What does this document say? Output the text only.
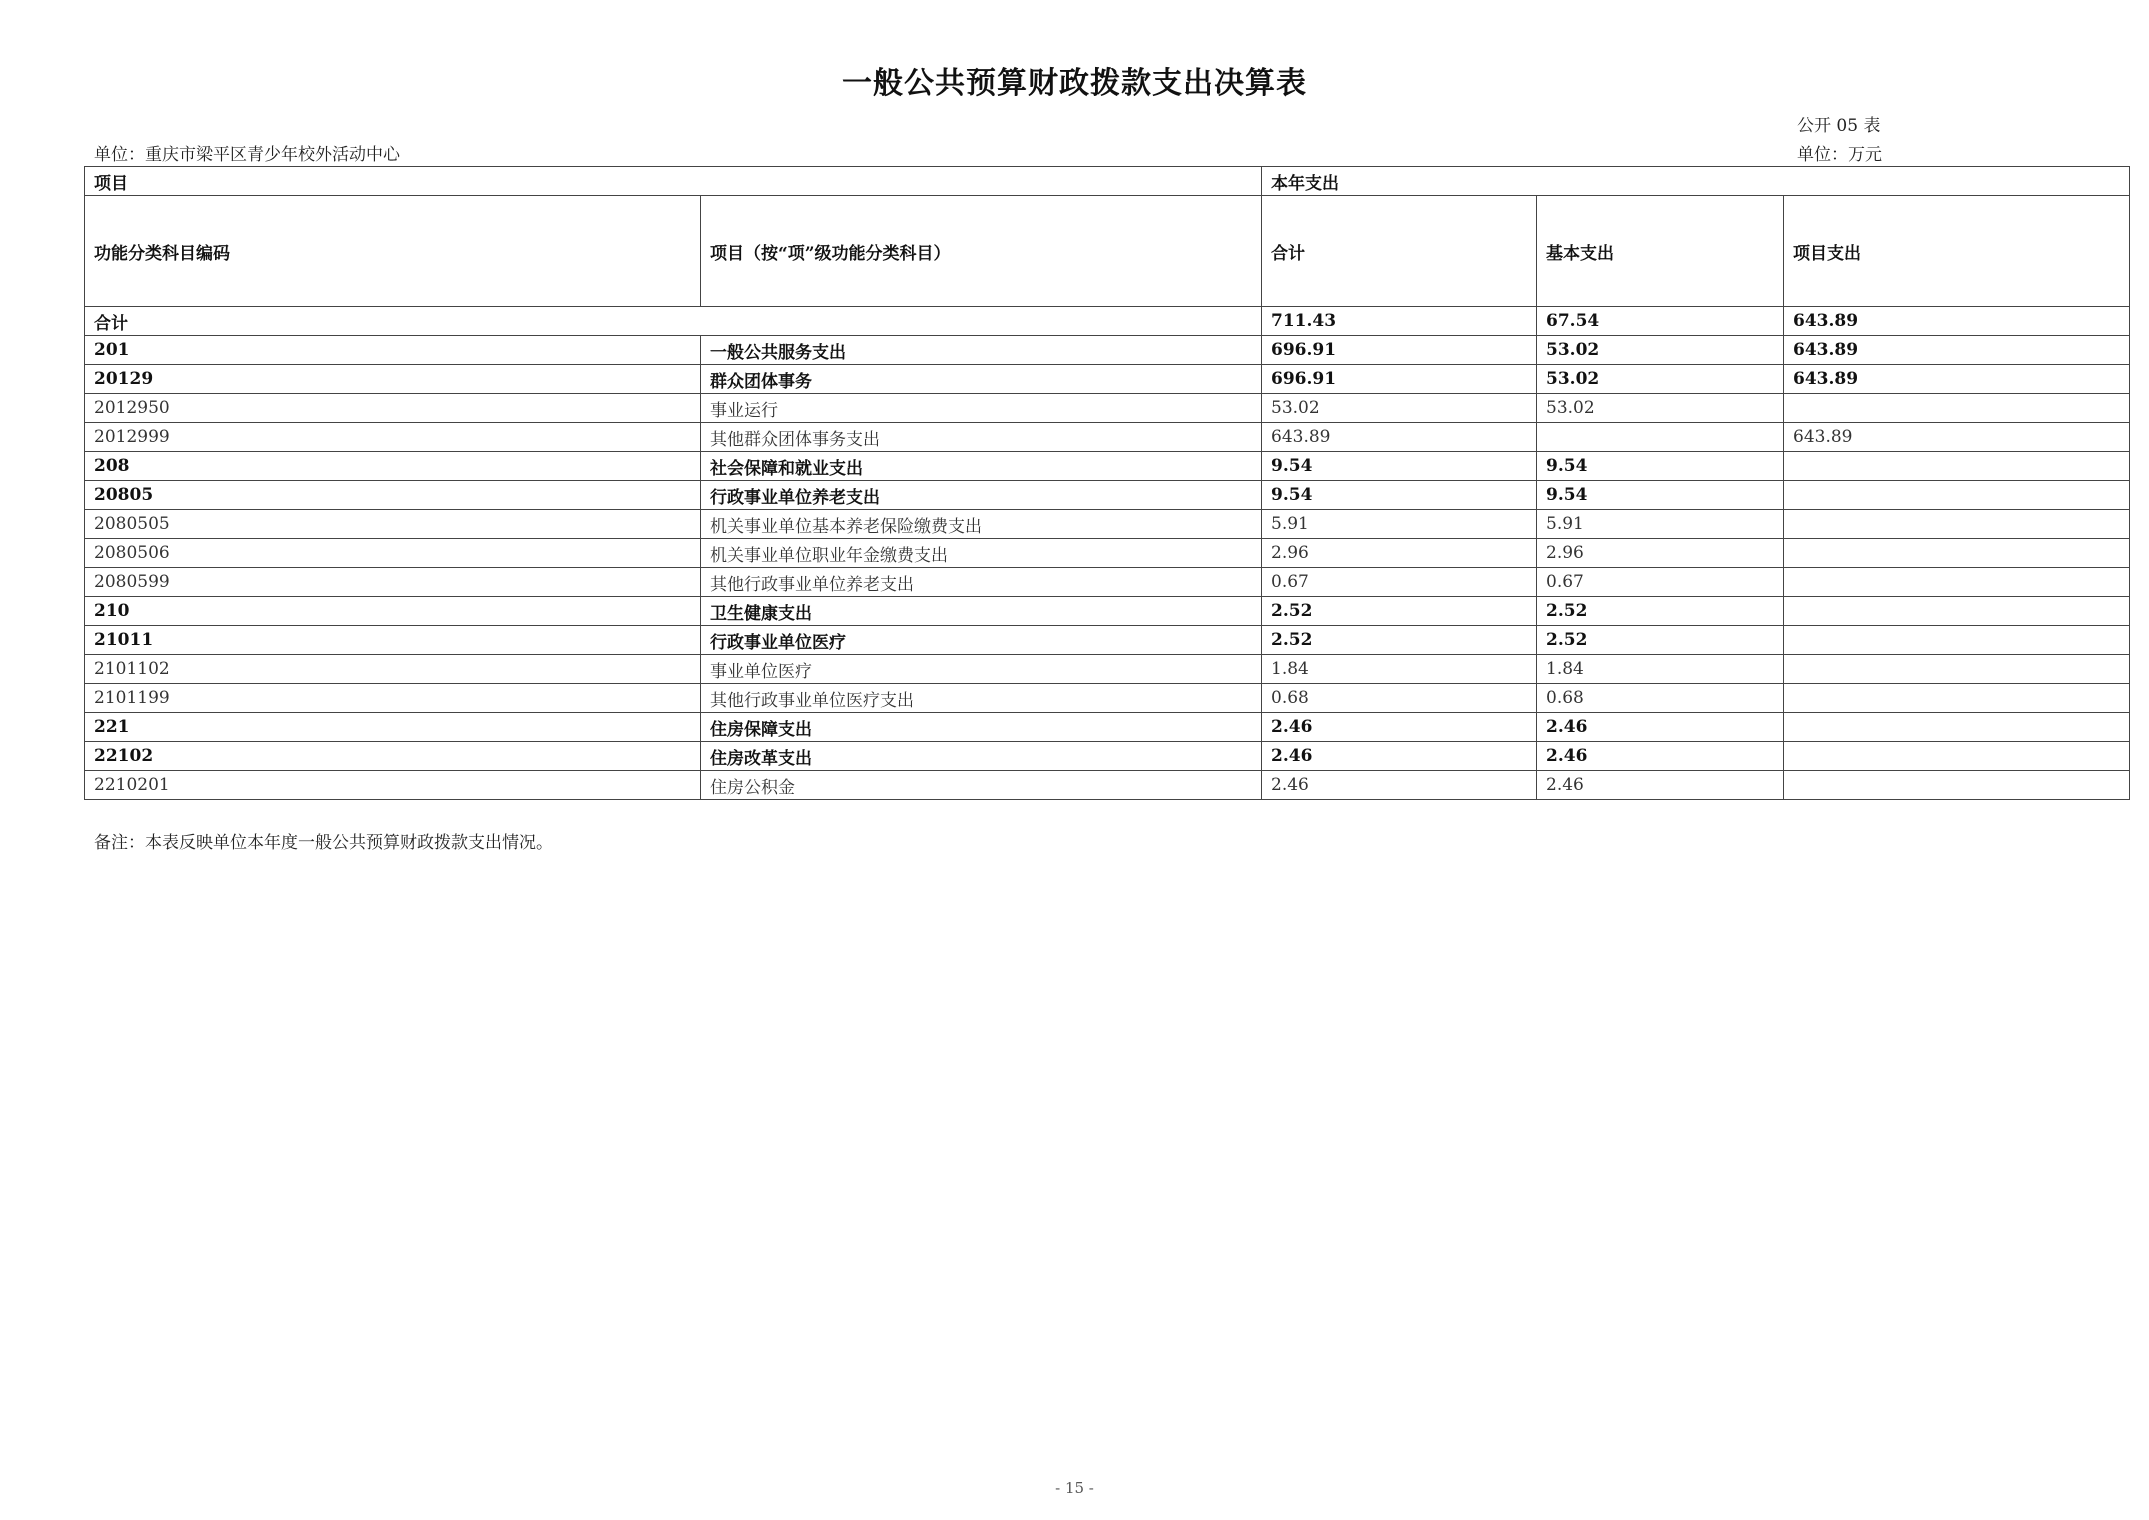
一般公共预算财政拨款支出决算表
公开 05 表
单位：重庆市梁平区青少年校外活动中心	单位：万元
项目		本年支出		
功能分类科目编码	项目（按“项”级功能分类科目）	合计	基本支出	项目支出
合计		711.43	67.54	643.89
201	一般公共服务支出	696.91	53.02	643.89
20129	群众团体事务	696.91	53.02	643.89
2012950	事业运行	53.02	53.02	
2012999	其他群众团体事务支出	643.89		643.89
208	社会保障和就业支出	9.54	9.54	
20805	行政事业单位养老支出	9.54	9.54	
2080505	机关事业单位基本养老保险缴费支出	5.91	5.91	
2080506	机关事业单位职业年金缴费支出	2.96	2.96	
2080599	其他行政事业单位养老支出	0.67	0.67	
210	卫生健康支出	2.52	2.52	
21011	行政事业单位医疗	2.52	2.52	
2101102	事业单位医疗	1.84	1.84	
2101199	其他行政事业单位医疗支出	0.68	0.68	
221	住房保障支出	2.46	2.46	
22102	住房改革支出	2.46	2.46	
2210201	住房公积金	2.46	2.46	
备注：本表反映单位本年度一般公共预算财政拨款支出情况。
- 15 -
